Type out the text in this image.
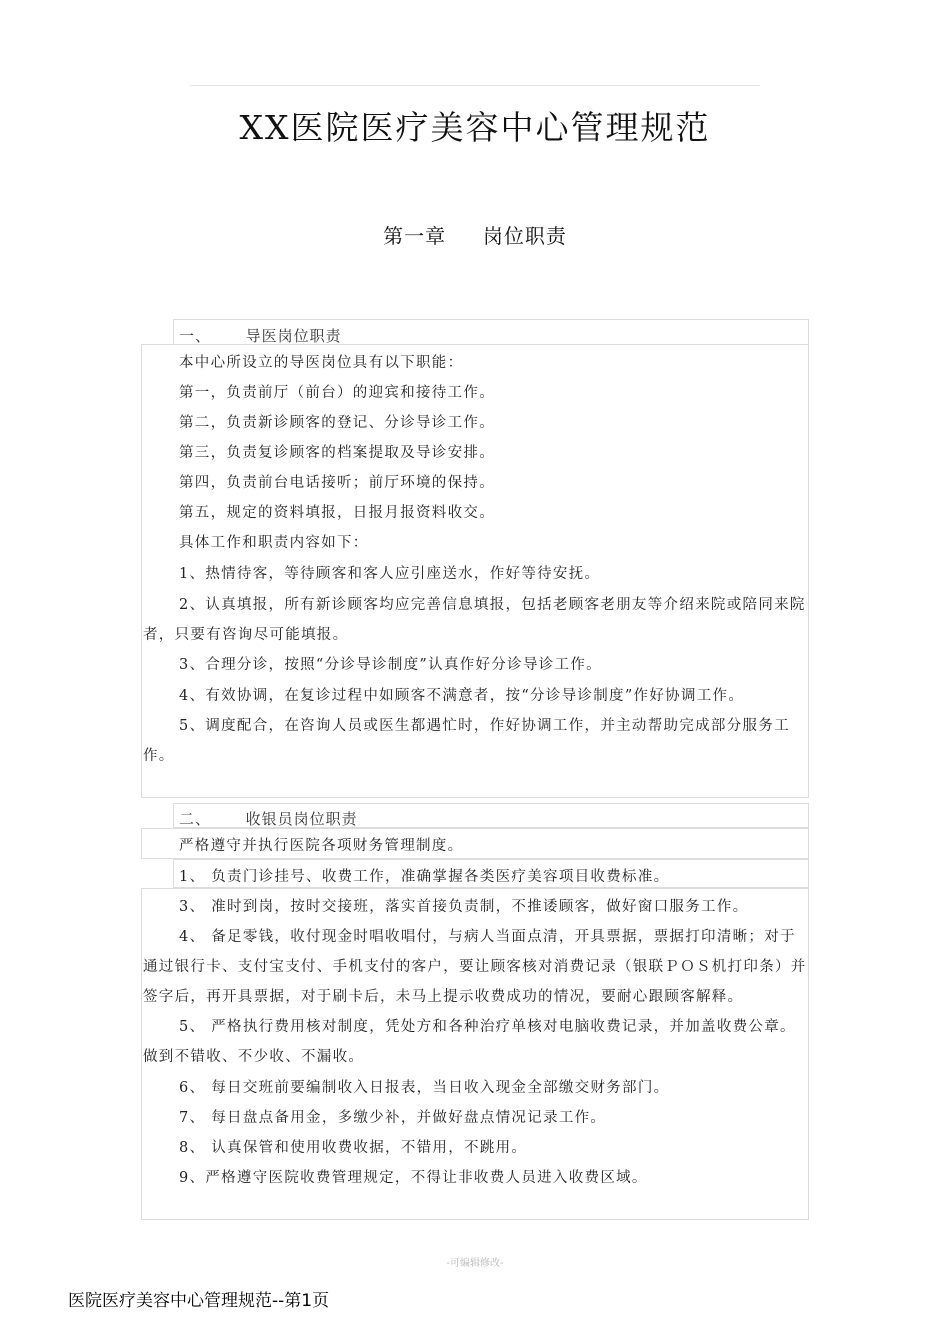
XX医院医疗美容中心管理规范
第一章     岗位职责
一、      导医岗位职责
本中心所设立的导医岗位具有以下职能：
第一，负责前厅（前台）的迎宾和接待工作。
第二，负责新诊顾客的登记、分诊导诊工作。
第三，负责复诊顾客的档案提取及导诊安排。
第四，负责前台电话接听；前厅环境的保持。
第五，规定的资料填报，日报月报资料收交。
具体工作和职责内容如下：
1、热情待客，等待顾客和客人应引座送水，作好等待安抚。
2、认真填报，所有新诊顾客均应完善信息填报，包括老顾客老朋友等介绍来院或陪同来院者，只要有咨询尽可能填报。
3、合理分诊，按照“分诊导诊制度”认真作好分诊导诊工作。
4、有效协调，在复诊过程中如顾客不满意者，按“分诊导诊制度”作好协调工作。
5、调度配合，在咨询人员或医生都遇忙时，作好协调工作，并主动帮助完成部分服务工作。
二、      收银员岗位职责
严格遵守并执行医院各项财务管理制度。
1、 负责门诊挂号、收费工作，准确掌握各类医疗美容项目收费标准。
3、 准时到岗，按时交接班，落实首接负责制，不推诿顾客，做好窗口服务工作。
4、 备足零钱，收付现金时唱收唱付，与病人当面点清，开具票据，票据打印清晰；对于通过银行卡、支付宝支付、手机支付的客户，要让顾客核对消费记录（银联ＰＯＳ机打印条）并签字后，再开具票据，对于刷卡后，未马上提示收费成功的情况，要耐心跟顾客解释。
5、 严格执行费用核对制度，凭处方和各种治疗单核对电脑收费记录，并加盖收费公章。做到不错收、不少收、不漏收。
6、 每日交班前要编制收入日报表，当日收入现金全部缴交财务部门。
7、 每日盘点备用金，多缴少补，并做好盘点情况记录工作。
8、 认真保管和使用收费收据，不错用，不跳用。
9、严格遵守医院收费管理规定，不得让非收费人员进入收费区域。
-可编辑修改-
医院医疗美容中心管理规范--第1页
